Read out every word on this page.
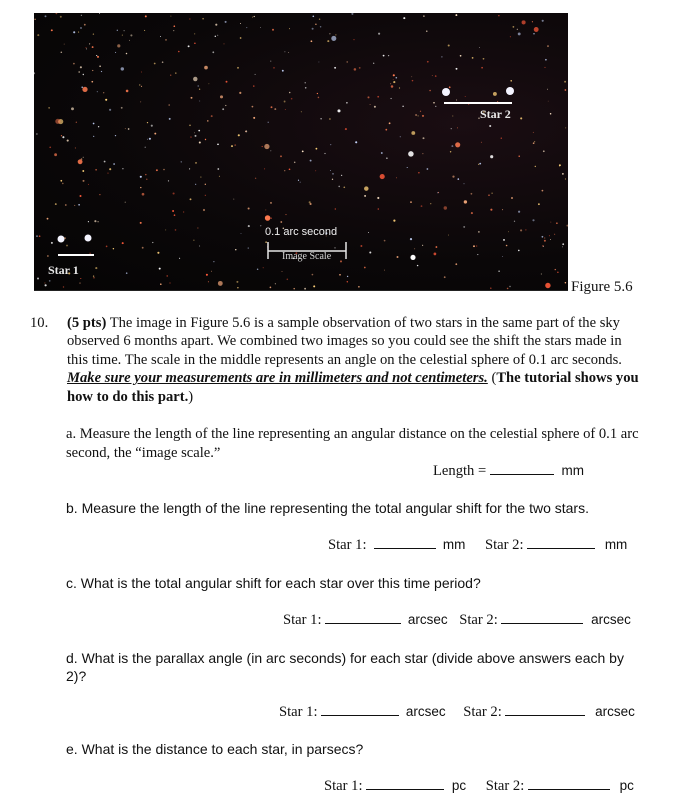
Star 2
Star 1
0.1 arc second
Image Scale
Figure 5.6
10. (5 pts) The image in Figure 5.6 is a sample observation of two stars in the same part of the sky observed 6 months apart. We combined two images so you could see the shift the stars made in this time. The scale in the middle represents an angle on the celestial sphere of 0.1 arc seconds. Make sure your measurements are in millimeters and not centimeters. (The tutorial shows you how to do this part.)
a. Measure the length of the line representing an angular distance on the celestial sphere of 0.1 arc second, the “image scale.”
Length =	mm
b. Measure the length of the line representing the total angular shift for the two stars.
Star 1:	mm Star 2:	mm
c. What is the total angular shift for each star over this time period?
Star 1:	arcsec Star 2:	arcsec
d. What is the parallax angle (in arc seconds) for each star (divide above answers each by 2)?
Star 1:	arcsec Star 2:	arcsec
e. What is the distance to each star, in parsecs?
Star 1:	pc Star 2:	pc
